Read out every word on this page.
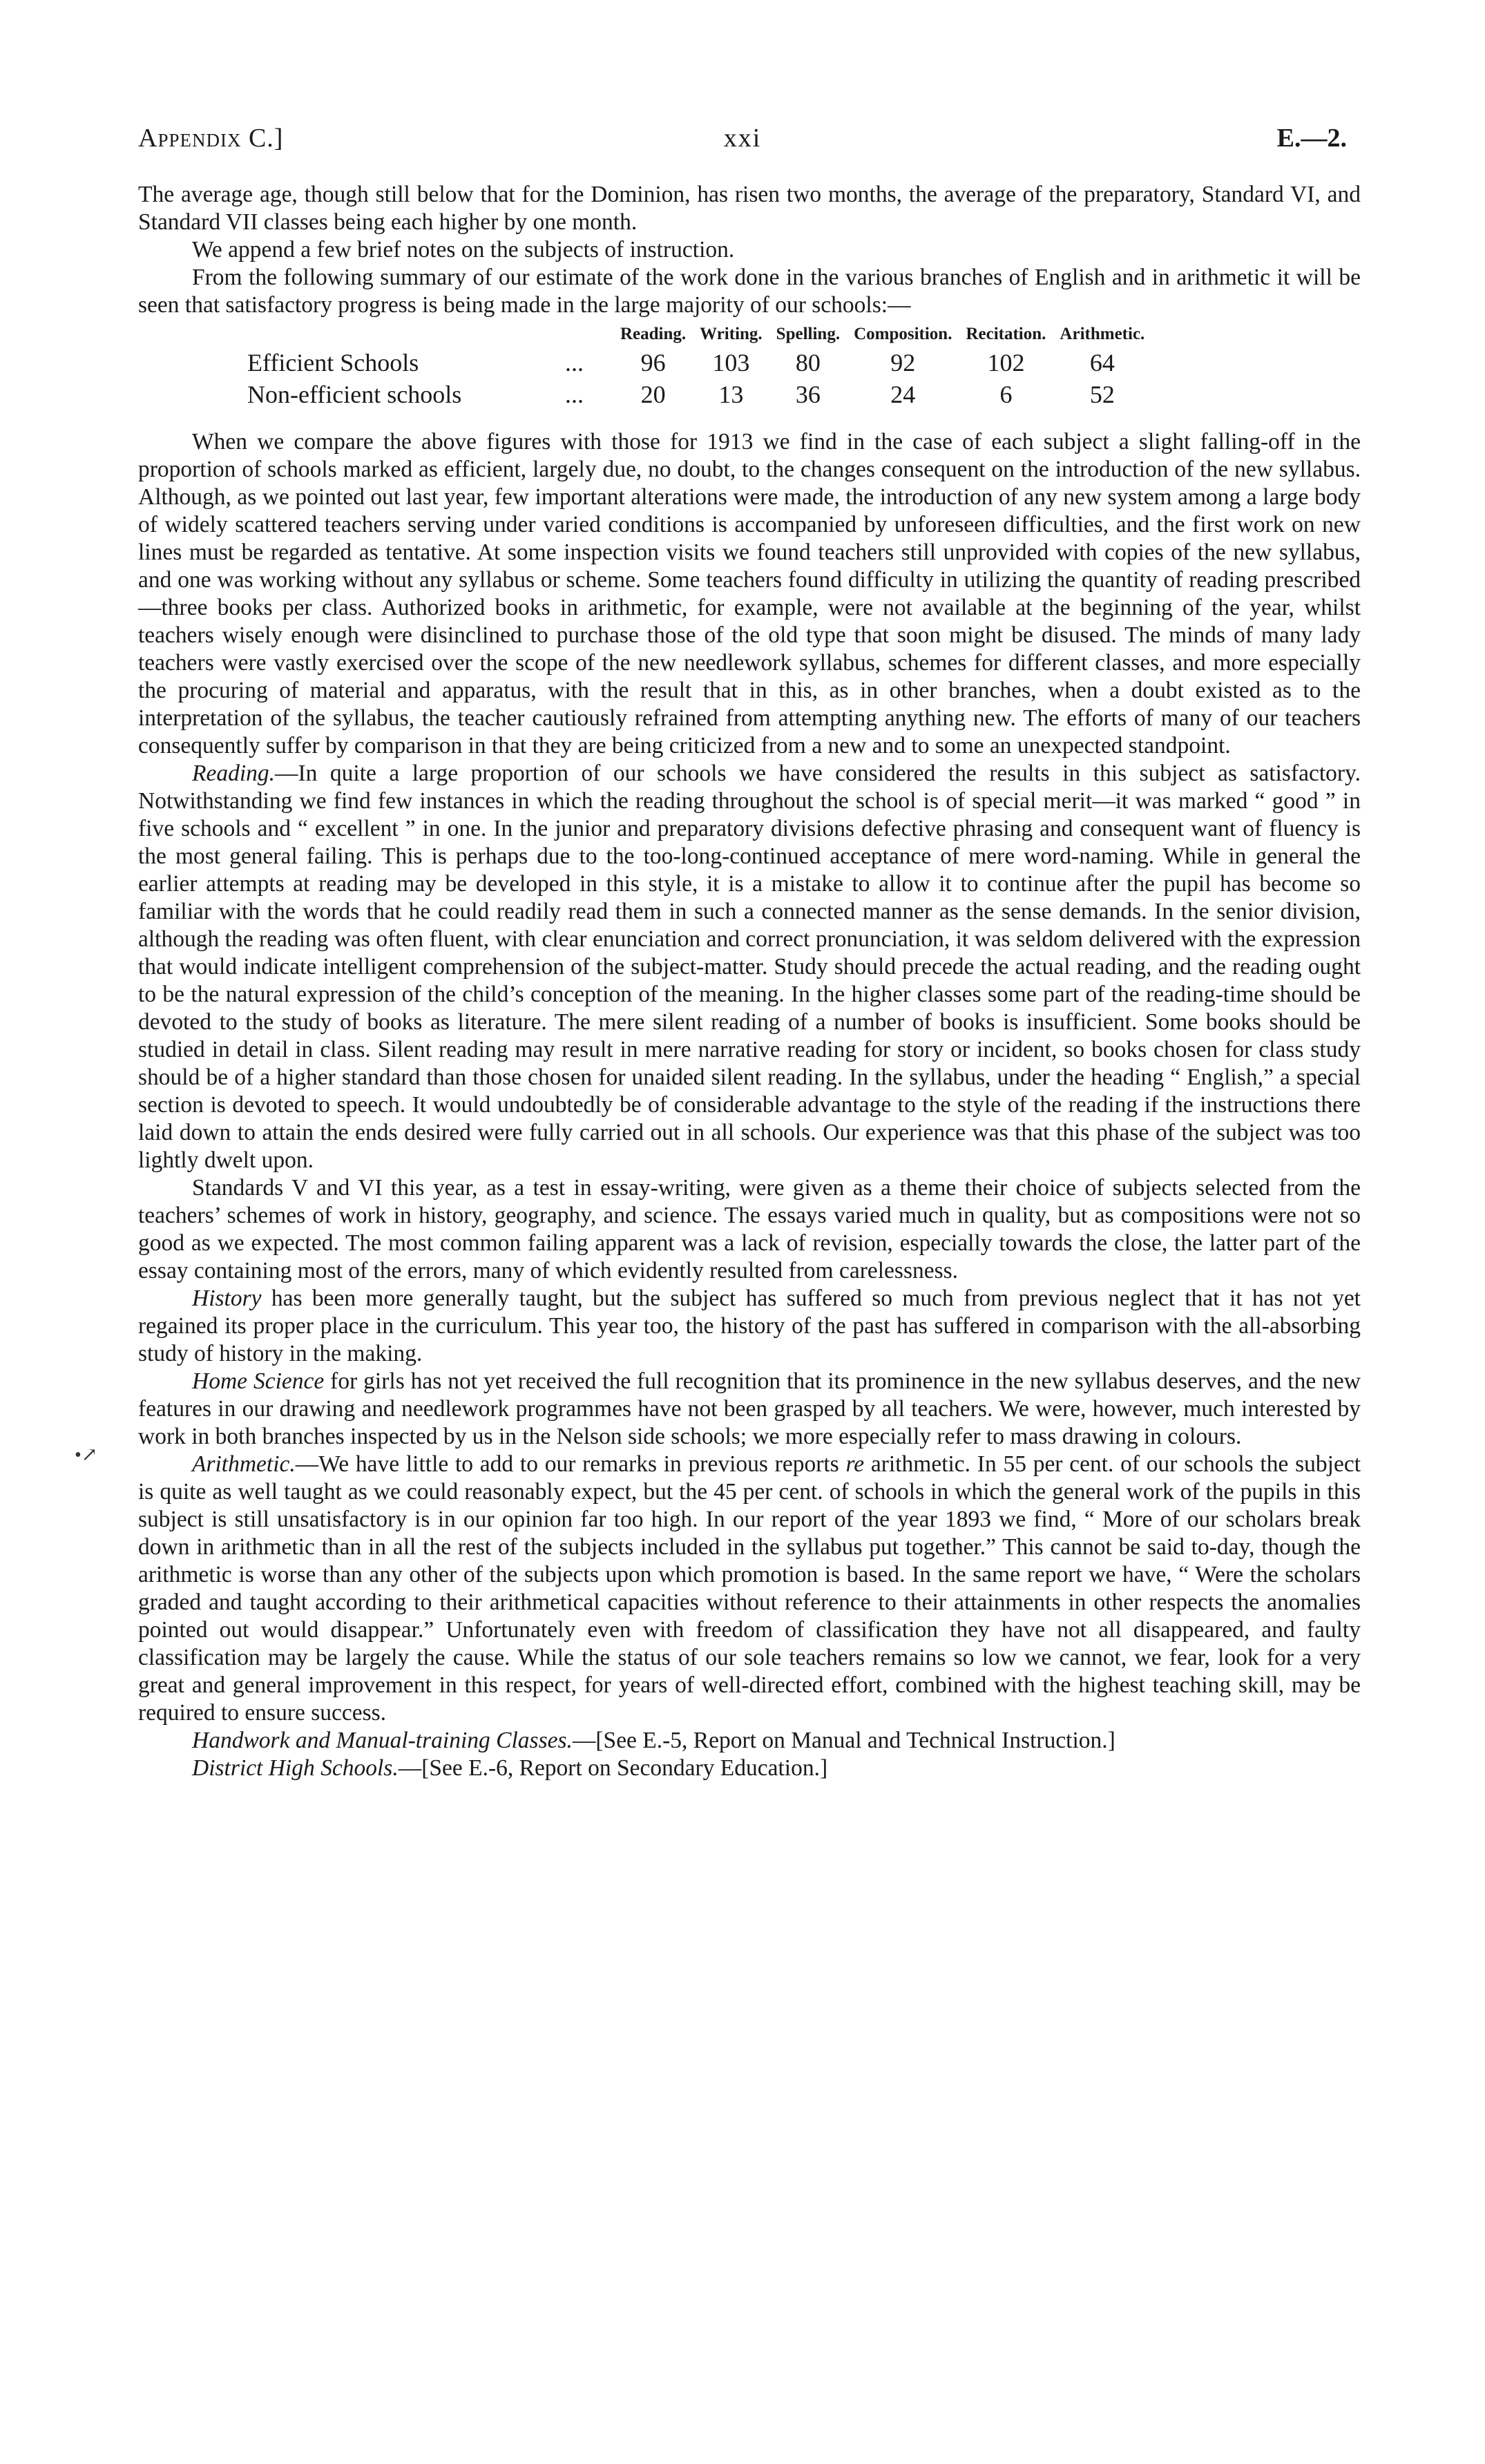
Appendix C.]	xxi	E.—2.
•↗

The average age, though still below that for the Dominion, has risen two months, the average of the preparatory, Standard VI, and Standard VII classes being each higher by one month.

We append a few brief notes on the subjects of instruction.

From the following summary of our estimate of the work done in the various branches of English and in arithmetic it will be seen that satisfactory progress is being made in the large majority of our schools:—

		Reading.	Writing.	Spelling.	Composition.	Recitation.	Arithmetic.
Efficient Schools	...	96	103	80	92	102	64
Non-efficient schools	...	20	13	36	24	6	52

When we compare the above figures with those for 1913 we find in the case of each subject a slight falling-off in the proportion of schools marked as efficient, largely due, no doubt, to the changes consequent on the introduction of the new syllabus. Although, as we pointed out last year, few important alterations were made, the introduction of any new system among a large body of widely scattered teachers serving under varied conditions is accompanied by unforeseen difficulties, and the first work on new lines must be regarded as tentative. At some inspection visits we found teachers still unprovided with copies of the new syllabus, and one was working without any syllabus or scheme. Some teachers found difficulty in utilizing the quantity of reading prescribed—three books per class. Authorized books in arithmetic, for example, were not available at the beginning of the year, whilst teachers wisely enough were disinclined to purchase those of the old type that soon might be disused. The minds of many lady teachers were vastly exercised over the scope of the new needlework syllabus, schemes for different classes, and more especially the procuring of material and apparatus, with the result that in this, as in other branches, when a doubt existed as to the interpretation of the syllabus, the teacher cautiously refrained from attempting anything new. The efforts of many of our teachers consequently suffer by comparison in that they are being criticized from a new and to some an unexpected standpoint.

Reading.—In quite a large proportion of our schools we have considered the results in this subject as satisfactory. Notwithstanding we find few instances in which the reading throughout the school is of special merit—it was marked “ good ” in five schools and “ excellent ” in one. In the junior and preparatory divisions defective phrasing and consequent want of fluency is the most general failing. This is perhaps due to the too-long-continued acceptance of mere word-naming. While in general the earlier attempts at reading may be developed in this style, it is a mistake to allow it to continue after the pupil has become so familiar with the words that he could readily read them in such a connected manner as the sense demands. In the senior division, although the reading was often fluent, with clear enunciation and correct pronunciation, it was seldom delivered with the expression that would indicate intelligent comprehension of the subject-matter. Study should precede the actual reading, and the reading ought to be the natural expression of the child’s conception of the meaning. In the higher classes some part of the reading-time should be devoted to the study of books as literature. The mere silent reading of a number of books is insufficient. Some books should be studied in detail in class. Silent reading may result in mere narrative reading for story or incident, so books chosen for class study should be of a higher standard than those chosen for unaided silent reading. In the syllabus, under the heading “ English,” a special section is devoted to speech. It would undoubtedly be of considerable advantage to the style of the reading if the instructions there laid down to attain the ends desired were fully carried out in all schools. Our experience was that this phase of the subject was too lightly dwelt upon.

Standards V and VI this year, as a test in essay-writing, were given as a theme their choice of subjects selected from the teachers’ schemes of work in history, geography, and science. The essays varied much in quality, but as compositions were not so good as we expected. The most common failing apparent was a lack of revision, especially towards the close, the latter part of the essay containing most of the errors, many of which evidently resulted from carelessness.

History has been more generally taught, but the subject has suffered so much from previous neglect that it has not yet regained its proper place in the curriculum. This year too, the history of the past has suffered in comparison with the all-absorbing study of history in the making.

Home Science for girls has not yet received the full recognition that its prominence in the new syllabus deserves, and the new features in our drawing and needlework programmes have not been grasped by all teachers. We were, however, much interested by work in both branches inspected by us in the Nelson side schools; we more especially refer to mass drawing in colours.

Arithmetic.—We have little to add to our remarks in previous reports re arithmetic. In 55 per cent. of our schools the subject is quite as well taught as we could reasonably expect, but the 45 per cent. of schools in which the general work of the pupils in this subject is still unsatisfactory is in our opinion far too high. In our report of the year 1893 we find, “ More of our scholars break down in arithmetic than in all the rest of the subjects included in the syllabus put together.” This cannot be said to-day, though the arithmetic is worse than any other of the subjects upon which promotion is based. In the same report we have, “ Were the scholars graded and taught according to their arithmetical capacities without reference to their attainments in other respects the anomalies pointed out would disappear.” Unfortunately even with freedom of classification they have not all disappeared, and faulty classification may be largely the cause. While the status of our sole teachers remains so low we cannot, we fear, look for a very great and general improvement in this respect, for years of well-directed effort, combined with the highest teaching skill, may be required to ensure success.

Handwork and Manual-training Classes.—[See E.-5, Report on Manual and Technical Instruction.]

District High Schools.—[See E.-6, Report on Secondary Education.]
